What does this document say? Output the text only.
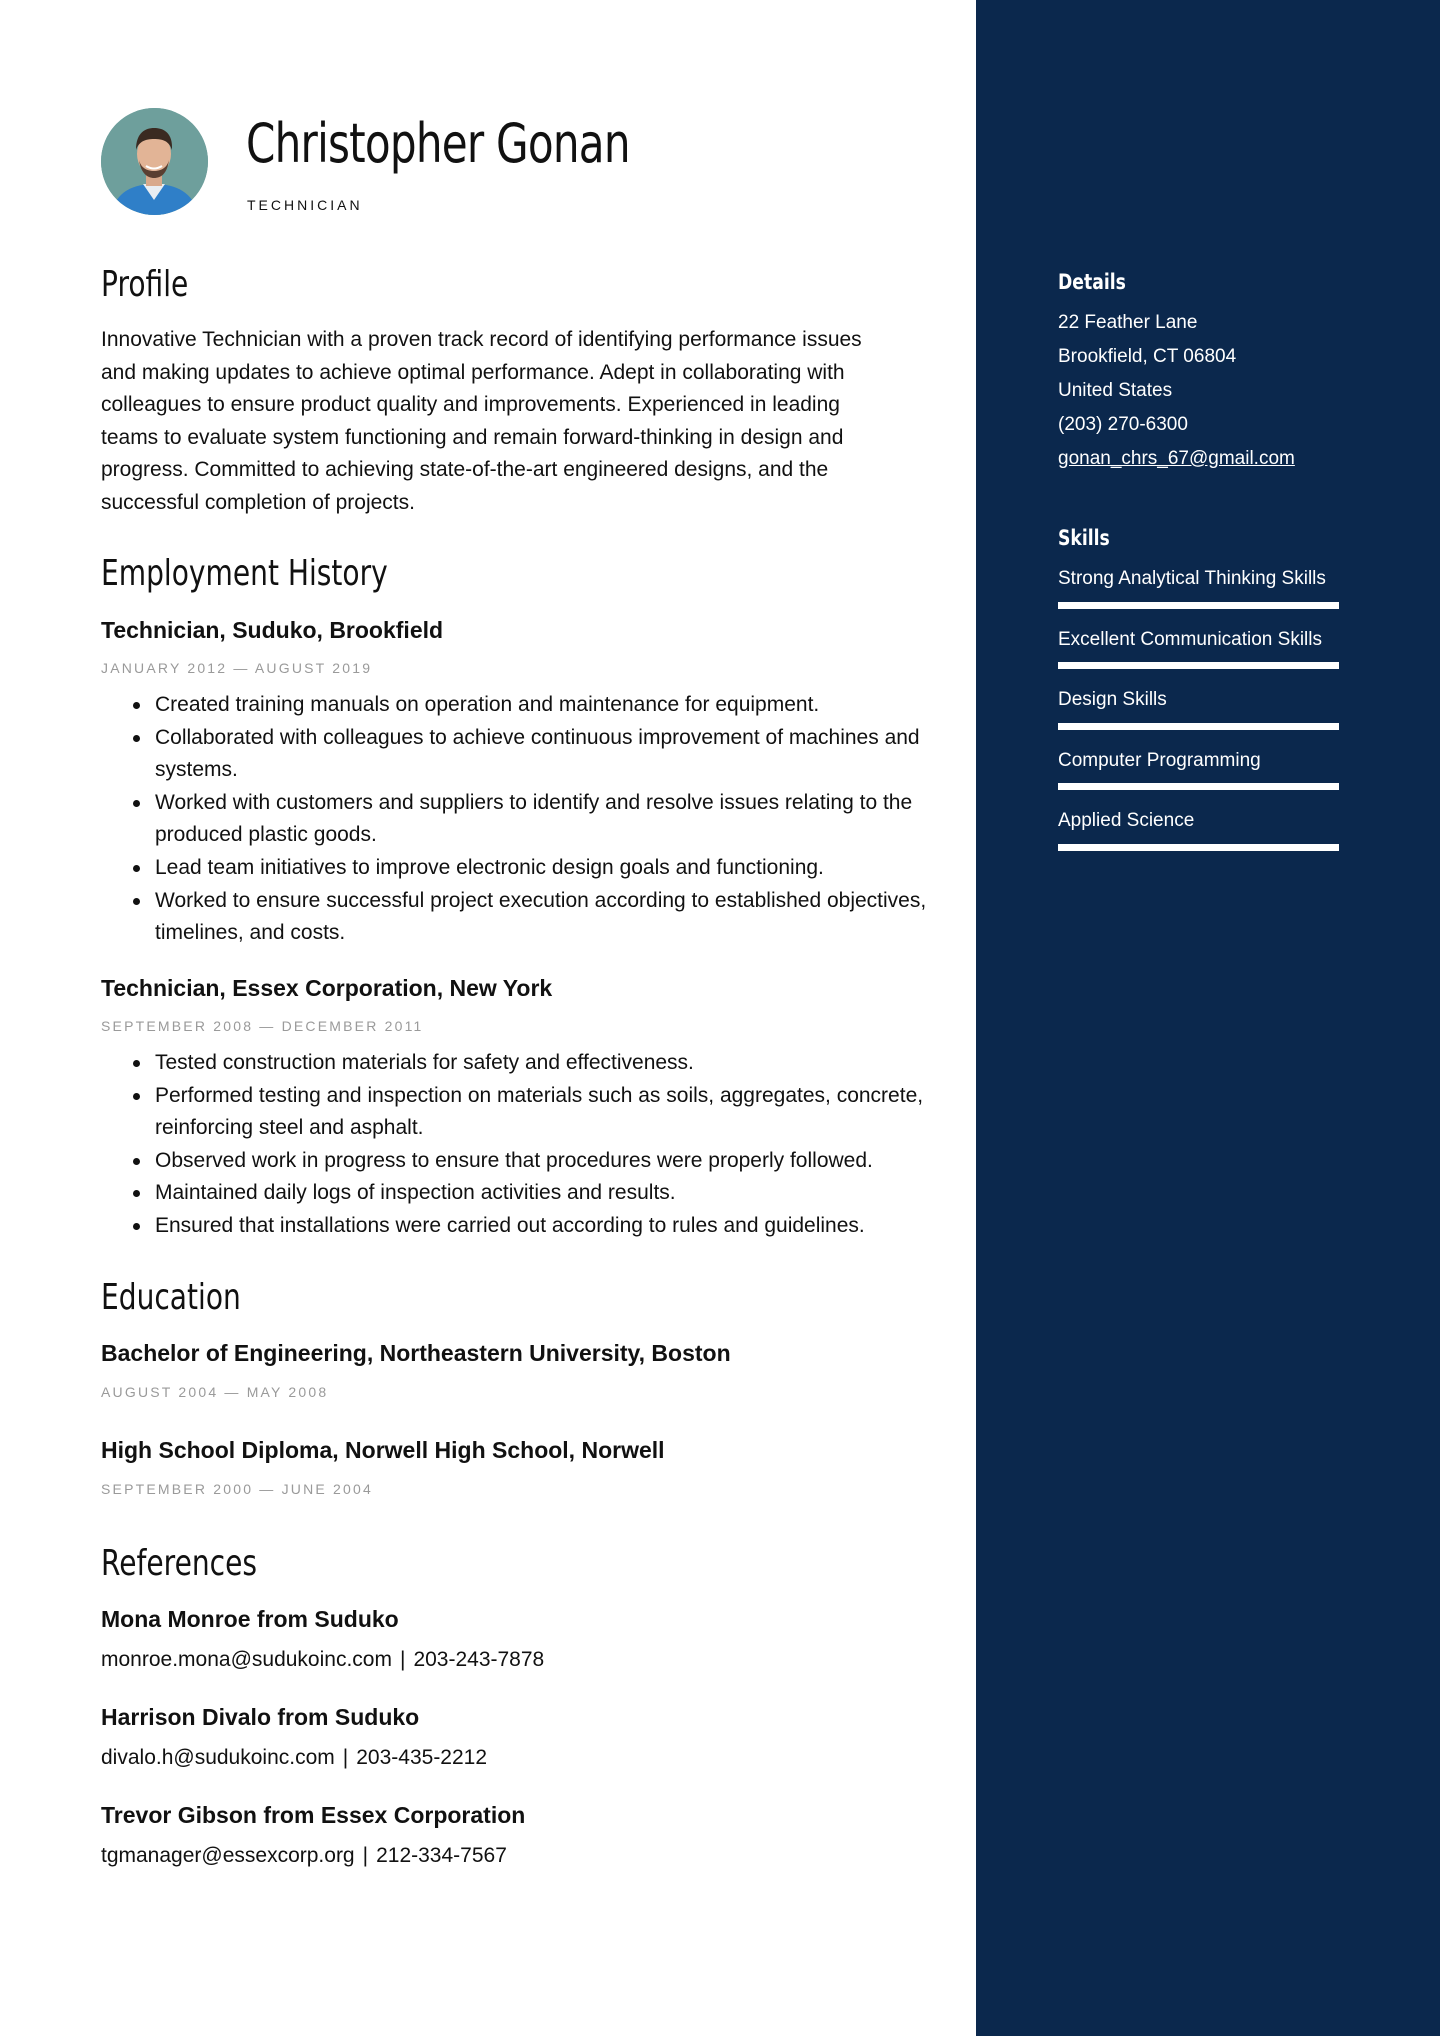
Christopher Gonan
TECHNICIAN
Profile
Innovative Technician with a proven track record of identifying performance issues and making updates to achieve optimal performance. Adept in collaborating with colleagues to ensure product quality and improvements. Experienced in leading teams to evaluate system functioning and remain forward-thinking in design and progress. Committed to achieving state-of-the-art engineered designs, and the successful completion of projects.
Employment History
Technician, Suduko, Brookfield
JANUARY 2012 — AUGUST 2019
Created training manuals on operation and maintenance for equipment.
Collaborated with colleagues to achieve continuous improvement of machines and systems.
Worked with customers and suppliers to identify and resolve issues relating to the produced plastic goods.
Lead team initiatives to improve electronic design goals and functioning.
Worked to ensure successful project execution according to established objectives, timelines, and costs.
Technician, Essex Corporation, New York
SEPTEMBER 2008 — DECEMBER 2011
Tested construction materials for safety and effectiveness.
Performed testing and inspection on materials such as soils, aggregates, concrete, reinforcing steel and asphalt.
Observed work in progress to ensure that procedures were properly followed.
Maintained daily logs of inspection activities and results.
Ensured that installations were carried out according to rules and guidelines.
Education
Bachelor of Engineering, Northeastern University, Boston
AUGUST 2004 — MAY 2008
High School Diploma, Norwell High School, Norwell
SEPTEMBER 2000 — JUNE 2004
References
Mona Monroe from Suduko
monroe.mona@sudukoinc.com | 203-243-7878
Harrison Divalo from Suduko
divalo.h@sudukoinc.com | 203-435-2212
Trevor Gibson from Essex Corporation
tgmanager@essexcorp.org | 212-334-7567
Details
22 Feather Lane
Brookfield, CT 06804
United States
(203) 270-6300
gonan_chrs_67@gmail.com
Skills
Strong Analytical Thinking Skills
Excellent Communication Skills
Design Skills
Computer Programming
Applied Science
